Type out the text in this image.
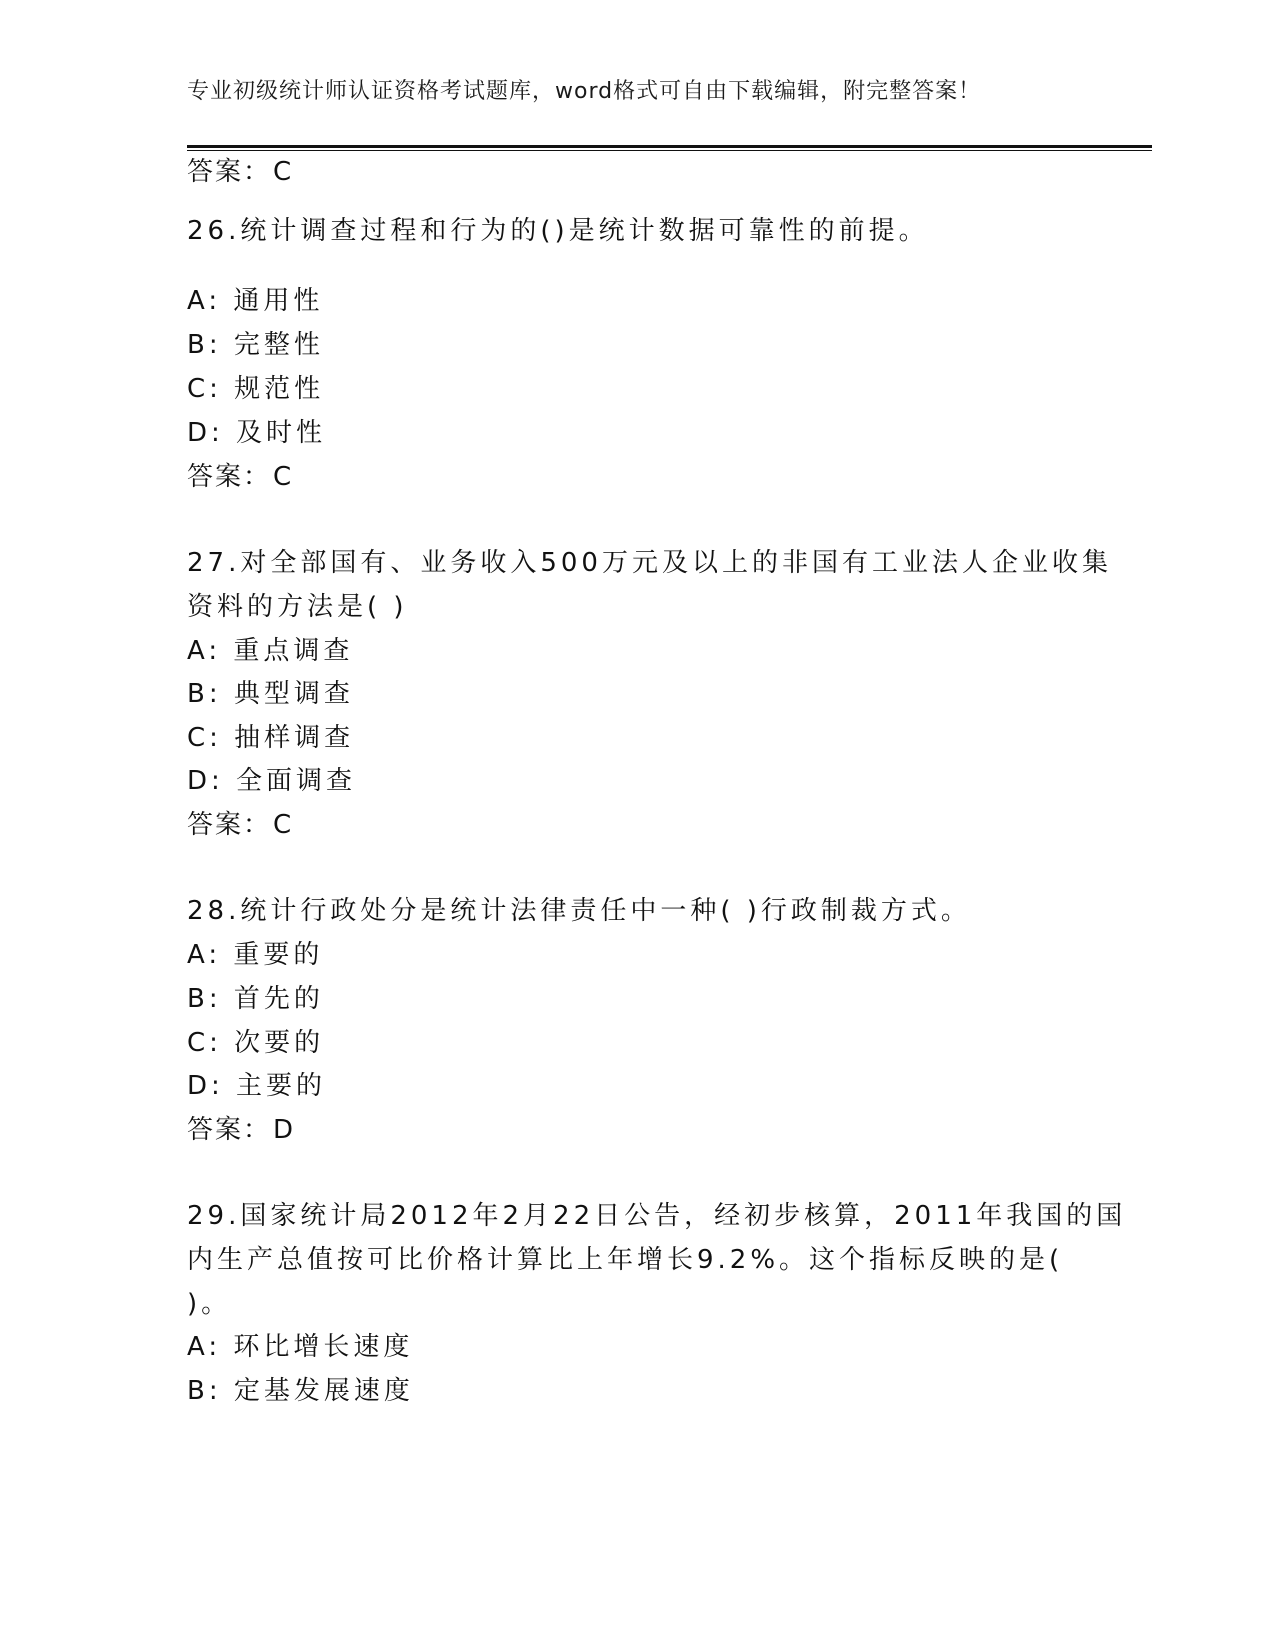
专业初级统计师认证资格考试题库，word格式可自由下载编辑，附完整答案！
答案：C
26.统计调查过程和行为的()是统计数据可靠性的前提。
A: 通用性
B: 完整性
C: 规范性
D: 及时性
答案：C
27.对全部国有、业务收入500万元及以上的非国有工业法人企业收集
资料的方法是( )
A: 重点调查
B: 典型调查
C: 抽样调查
D: 全面调查
答案：C
28.统计行政处分是统计法律责任中一种( )行政制裁方式。
A: 重要的
B: 首先的
C: 次要的
D: 主要的
答案：D
29.国家统计局2012年2月22日公告，经初步核算，2011年我国的国
内生产总值按可比价格计算比上年增长9.2%。这个指标反映的是(
)。
A: 环比增长速度
B: 定基发展速度
